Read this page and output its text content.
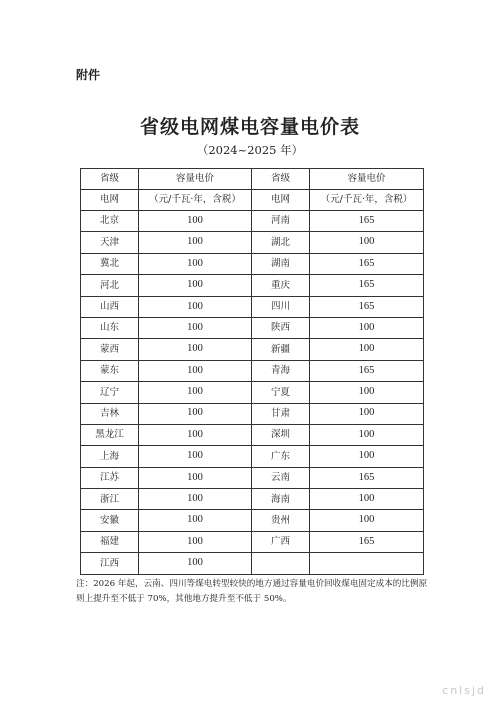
附件
省级电网煤电容量电价表
（2024~2025 年）
省级	容量电价	省级	容量电价
电网	（元/千瓦·年，含税）	电网	（元/千瓦·年，含税）
北京	100	河南	165
天津	100	湖北	100
冀北	100	湖南	165
河北	100	重庆	165
山西	100	四川	165
山东	100	陕西	100
蒙西	100	新疆	100
蒙东	100	青海	165
辽宁	100	宁夏	100
吉林	100	甘肃	100
黑龙江	100	深圳	100
上海	100	广东	100
江苏	100	云南	165
浙江	100	海南	100
安徽	100	贵州	100
福建	100	广西	165
江西	100		
注：2026 年起，云南、四川等煤电转型较快的地方通过容量电价回收煤电固定成本的比例原则上提升至不低于 70%，其他地方提升至不低于 50%。
cnlsjd
